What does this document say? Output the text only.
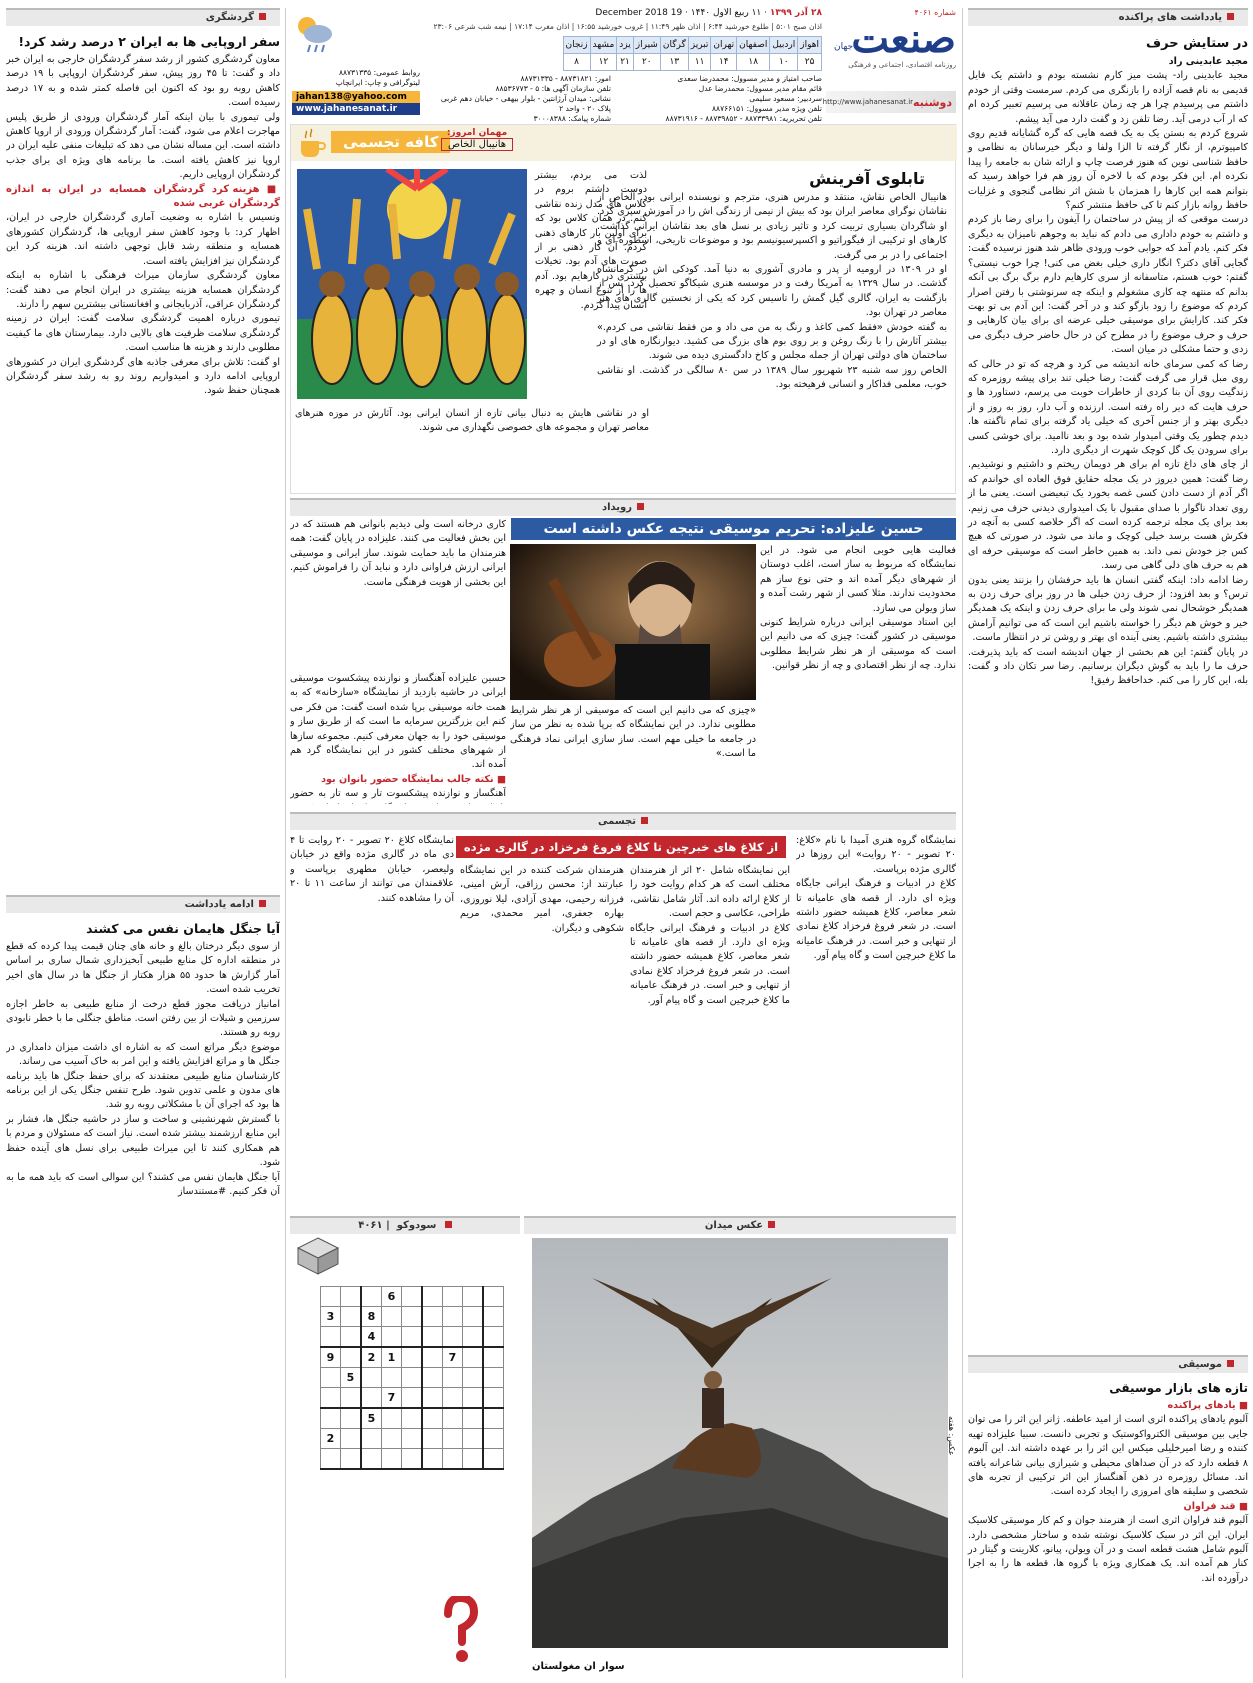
یادداشت های پراکنده
در ستایش حرف
مجید عابدینی راد

مجید عابدینی راد- پشت میز کارم نشسته بودم و داشتم یک فایل قدیمی به نام قصه آزاده را بازنگری می کردم. سرمست وقتی از خودم داشتم می پرسیدم چرا هر چه زمان عاقلانه می پرسیم تعبیر کرده ام که ار آب درمی آید. رضا تلفن زد و گفت دارد می آید پیشم.

شروع کردم به بستن یک به یک قصه هایی که گره گشایانه قدیم روی کامپیوترم، از نگار گرفته تا الزا ولفا و دیگر خیرسانان به نظامی و حافظ شناسی نوین که هنوز فرصت چاپ و ارائه شان به جامعه را پیدا نکرده ام. این فکر بودم که با لاخره آن روز هم فرا خواهد رسید که بتوانم همه این کارها را همزمان با شش اثر نظامی گنجوی و غزلیات حافظ روانه بازار کنم تا کی حافظ منتشر کنم؟

درست موقعی که از پیش در ساختمان را آیفون را برای رضا باز کردم و داشتم به خودم داداری می دادم که نباید به وجوهم نامیزان به دیگری فکر کنم. یادم آمد که جوابی خوب ورودی ظاهر شد هنوز نرسیده گفت: گجایی آقای دکتر؟ انگار داری خیلی بغض می کنی! چرا خوب نیستی؟ گفتم: خوب هستم، متاسفانه از سری کارهایم دارم برگ برگ بی آنکه بدانم که منتهه چه کاری مشغولم و اینکه چه سرنوشتی با رفتن اصرار کردم که موضوع را زود بازگو کند و در آخر گفت: این آدم بی تو بهت فکر کند. کارایش برای موسیقی خیلی عرضه ای برای بیان کارهایی و حرف و حرف موضوع را در مطرح کن در حال حاضر حرف دیگری می زدی و حتما مشکلی در میان است.

رضا که کمی سرمای خانه اندیشه می کرد و هرچه که تو در حالی که روی مبل قرار می گرفت گفت: رضا خیلی تند برای پیشه روزمره که زندگیت روی آن بنا کردی از خاطرات خوبت می پرسم، دستاورد ها و حرف هایت که دیر راه رفته است. ارزنده و آب دار، روز به روز و از دیگری بهتر و از جنس آخری که خیلی یاد گرفته برای تمام ناگفته ها. دیدم چطور یک وقتی امیدوار شده بود و بعد ناامید. برای خوشی کسی برای سرودن یک گل کوچک شهرت از دیگری دارد.

از چای های داغ تازه ام برای هر دویمان ریختم و داشتیم و نوشیدیم. رضا گفت: همین دیروز در یک مجله حقایق فوق العاده ای خواندم که اگر آدم از دست دادن کسی غصه بخورد یک تبعیضی است. یعنی ما از روی تعداد ناگوار با صدای مقبول با یک امیدواری دیدنی حرف می زنیم. بعد برای یک مجله ترجمه کرده است که اگر خلاصه کسی به آنچه در فکرش هست برسد خیلی کوچک و ماند می شود. در صورتی که هیچ کس جز خودش نمی داند. به همین خاطر است که موسیقی حرفه ای هم به حرف های دلی گاهی می رسد.

رضا ادامه داد: اینکه گفتی انسان ها باید حرفشان را بزنند یعنی بدون ترس؟ و بعد افزود: از حرف زدن خیلی ها در روز برای حرف زدن به همدیگر خوشحال نمی شوند ولی ما برای حرف زدن و اینکه یک همدیگر خیر و خوش هم دیگر را خواسته باشیم این است که می توانیم آرامش بیشتری داشته باشیم. یعنی آینده ای بهتر و روشن تر در انتظار ماست.

در پایان گفتم: این هم بخشی از جهان اندیشه است که باید پذیرفت. حرف ما را باید به گوش دیگران برسانیم. رضا سر تکان داد و گفت: بله، این کار را می کنم. خداحافظ رفیق!

موسیقی
تازه های بازار موسیقی
■ یادهای پراکنده

آلبوم یادهای پراکنده اثری است از امید عاطفه. ژانر این اثر را می توان جایی بین موسیقی الکترواکوستیک و تجربی دانست. سبیا علیزاده تهیه کننده و رضا امیرخلیلی میکس این اثر را بر عهده داشته اند. این آلبوم ۸ قطعه دارد که در آن صداهای محیطی و شیرازی بیانی شاعرانه یافته اند. مسائل روزمره در ذهن آهنگساز این اثر ترکیبی از تجربه های شخصی و سلیقه های امروزی را ایجاد کرده است.

■ قند فراوان

آلبوم قند فراوان اثری است از هنرمند جوان و کم کار موسیقی کلاسیک ایران. این اثر در سبک کلاسیک نوشته شده و ساختار مشخصی دارد. آلبوم شامل هشت قطعه است و در آن ویولن، پیانو، کلارینت و گیتار در کنار هم آمده اند. یک همکاری ویژه با گروه ها، قطعه ها را به اجرا درآورده اند.

شماره ۴۰۶۱
صنعت
جهان
روزنامه اقتصادی، اجتماعی و فرهنگی
دوشنبه
http://www.jahanesanat.ir
۲۸ آذر ۱۳۹۹ · ۱۱ ربیع الاول ۱۴۴۰ · 19 December 2018
اذان صبح ۵:۰۱ | طلوع خورشید ۶:۴۴ | اذان ظهر ۱۱:۴۹ | غروب خورشید ۱۶:۵۵ | اذان مغرب ۱۷:۱۴ | نیمه شب شرعی ۲۳:۰۶
اهواز	اردبیل	اصفهان	تهران	تبریز	گرگان	شیراز	یزد	مشهد	زنجان
۲۵	۱۰	۱۸	۱۴	۱۱	۱۳	۲۰	۲۱	۱۲	۸
صاحب امتیاز و مدیر مسوول: محمدرضا سعدی
قائم مقام مدیر مسوول: محمدرضا عدل
سردبیر: مسعود سلیمی
تلفن ویژه مدیر مسوول: ۸۸۷۶۶۱۵۱
تلفن تحریریه: ۸۸۷۳۳۹۸۱ - ۸۸۷۳۹۸۵۲ - ۸۸۷۳۱۹۱۶
امور: ۸۸۷۳۱۸۲۱ - ۸۸۷۳۱۳۳۵
تلفن سازمان آگهی ها: ۵ - ۸۸۵۳۶۷۷۳
نشانی: میدان آرژانتین - بلوار بیهقی - خیابان دهم غربی
پلاک ۲۰ - واحد ۲
شماره پیامک: ۳۰۰۰۸۳۸۸
روابط عمومی: ۸۸۷۳۱۳۳۵
لیتوگرافی و چاپ: ایرانچاپ
jahan138@yahoo.com
www.jahanesanat.ir
کافه تجسمی مهمان امروز:
هانیبال الخاص
تابلوی آفرینش

هانیبال الخاص نقاش، منتقد و مدرس هنری، مترجم و نویسنده ایرانی بود. الخاص از نقاشان نوگرای معاصر ایران بود که بیش از نیمی از زندگی اش را در آموزش سپری کرد. او شاگردان بسیاری تربیت کرد و تاثیر زیادی بر نسل های بعد نقاشان ایرانی گذاشت. کارهای او ترکیبی از فیگوراتیو و اکسپرسیونیسم بود و موضوعات تاریخی، اسطوره ای و اجتماعی را در بر می گرفت.

او در ۱۳۰۹ در ارومیه از پدر و مادری آشوری به دنیا آمد. کودکی اش در کرمانشاه گذشت. در سال ۱۳۲۹ به آمریکا رفت و در موسسه هنری شیکاگو تحصیل کرد. پس از بازگشت به ایران، گالری گیل گمش را تاسیس کرد که یکی از نخستین گالری های هنر معاصر در تهران بود.

به گفته خودش «فقط کمی کاغذ و رنگ به من می داد و من فقط نقاشی می کردم.» بیشتر آثارش را با رنگ روغن و بر روی بوم های بزرگ می کشید. دیوارنگاره های او در ساختمان های دولتی تهران از جمله مجلس و کاخ دادگستری دیده می شوند.

الخاص روز سه شنبه ۲۳ شهریور سال ۱۳۸۹ در سن ۸۰ سالگی در گذشت. او نقاشی خوب، معلمی فداکار و انسانی فرهیخته بود.

لذت می بردم، بیشتر دوست داشتم بروم در کلاس های مدل زنده نقاشی کنم. در همان کلاس بود که برای اولین بار کارهای ذهنی کردم. آن کار ذهنی بر از صورت های آدم بود. تخیلات بیشتری در کارهایم بود. آدم ها را از تنوع انسان و چهره انسان پیدا کردم.

او در نقاشی هایش به دنبال بیانی تازه از انسان ایرانی بود. آثارش در موزه هنرهای معاصر تهران و مجموعه های خصوصی نگهداری می شوند.

رویداد
حسین علیزاده: تحریم موسیقی نتیجه عکس داشته است

فعالیت هایی خوبی انجام می شود. در این نمایشگاه که مربوط به ساز است، اغلب دوستان از شهرهای دیگر آمده اند و حتی نوع ساز هم محدودیت ندارند. مثلا کسی از شهر رشت آمده و ساز ویولن می سازد.

این استاد موسیقی ایرانی درباره شرایط کنونی موسیقی در کشور گفت: چیزی که می دانیم این است که موسیقی از هر نظر شرایط مطلوبی ندارد. چه از نظر اقتصادی و چه از نظر قوانین.

«چیزی که می دانیم این است که موسیقی از هر نظر شرایط مطلوبی ندارد. در این نمایشگاه که برپا شده به نظر من ساز در جامعه ما خیلی مهم است. ساز سازی ایرانی نماد فرهنگی ما است.»

کاری درخانه است ولی دیدیم بانوانی هم هستند که در این بخش فعالیت می کنند. علیزاده در پایان گفت: همه هنرمندان ما باید حمایت شوند. ساز ایرانی و موسیقی ایرانی ارزش فراوانی دارد و نباید آن را فراموش کنیم. این بخشی از هویت فرهنگی ماست.

حسین علیزاده آهنگساز و نوازنده پیشکسوت موسیقی ایرانی در حاشیه بازدید از نمایشگاه «سازخانه» که به همت خانه موسیقی برپا شده است گفت: من فکر می کنم این بزرگترین سرمایه ما است که از طریق ساز و موسیقی خود را به جهان معرفی کنیم. مجموعه سازها از شهرهای مختلف کشور در این نمایشگاه گرد هم آمده اند.

■ نکته جالب نمایشگاه حضور بانوان بود

آهنگساز و نوازنده پیشکسوت تار و سه تار به حضور

تجسمی
از کلاغ های خبرچین تا کلاغ فروغ فرخزاد در گالری مژده	نمایشگاه گروه هنری آمیدا با نام «کلاغ: ۲۰ تصویر - ۲۰ روایت» این روزها در گالری مژده برپاست.

کلاغ در ادبیات و فرهنگ ایرانی جایگاه ویژه ای دارد. از قصه های عامیانه تا شعر معاصر، کلاغ همیشه حضور داشته است. در شعر فروغ فرخزاد کلاغ نمادی از تنهایی و خبر است. در فرهنگ عامیانه ما کلاغ خبرچین است و گاه پیام آور.

این نمایشگاه شامل ۲۰ اثر از هنرمندان مختلف است که هر کدام روایت خود را از کلاغ ارائه داده اند. آثار شامل نقاشی، طراحی، عکاسی و حجم است.

کلاغ در ادبیات و فرهنگ ایرانی جایگاه ویژه ای دارد. از قصه های عامیانه تا شعر معاصر، کلاغ همیشه حضور داشته است. در شعر فروغ فرخزاد کلاغ نمادی از تنهایی و خبر است. در فرهنگ عامیانه ما کلاغ خبرچین است و گاه پیام آور.

هنرمندان شرکت کننده در این نمایشگاه عبارتند از: محسن رزاقی، آرش امینی، فرزانه رحیمی، مهدی آزادی، لیلا نوروزی، بهاره جعفری، امیر محمدی، مریم شکوهی و دیگران.

نمایشگاه کلاغ ۲۰ تصویر - ۲۰ روایت تا ۴ دی ماه در گالری مژده واقع در خیابان ولیعصر، خیابان مطهری برپاست و علاقمندان می توانند از ساعت ۱۱ تا ۲۰ آن را مشاهده کنند.

سودوکو  | ۴۰۶۱
			6					
3		8						
		4						
9		2	1			7		
	5							
			7					
		5						
2								

عکس میدان
سوار ان مغولستان
عکس: هفته
گردشگری
سفر اروپایی ها به ایران ۲ درصد رشد کرد!

معاون گردشگری کشور از رشد سفر گردشگران خارجی به ایران خبر داد و گفت: تا ۴۵ روز پیش، سفر گردشگران اروپایی با ۱۹ درصد کاهش روبه رو بود که اکنون این فاصله کمتر شده و به ۱۷ درصد رسیده است.

ولی تیموری با بیان اینکه آمار گردشگران ورودی از طریق پلیس مهاجرت اعلام می شود، گفت: آمار گردشگران ورودی از اروپا کاهش داشته است. این مساله نشان می دهد که تبلیغات منفی علیه ایران در اروپا نیز کاهش یافته است. ما برنامه های ویژه ای برای جذب گردشگران اروپایی داریم.

■ هزینه کرد گردشگران همسایه در ایران به اندازه گردشگران غربی شده

ونسیس با اشاره به وضعیت آماری گردشگران خارجی در ایران، اظهار کرد: با وجود کاهش سفر اروپایی ها، گردشگران کشورهای همسایه و منطقه رشد قابل توجهی داشته اند. هزینه کرد این گردشگران نیز افزایش یافته است.

معاون گردشگری سازمان میراث فرهنگی با اشاره به اینکه گردشگران همسایه هزینه بیشتری در ایران انجام می دهند گفت: گردشگران عراقی، آذربایجانی و افغانستانی بیشترین سهم را دارند.

تیموری درباره اهمیت گردشگری سلامت گفت: ایران در زمینه گردشگری سلامت ظرفیت های بالایی دارد. بیمارستان های ما کیفیت مطلوبی دارند و هزینه ها مناسب است.

او گفت: تلاش برای معرفی جاذبه های گردشگری ایران در کشورهای اروپایی ادامه دارد و امیدواریم روند رو به رشد سفر گردشگران همچنان حفظ شود.

ادامه یادداشت
آیا جنگل هایمان نفس می کشند

از سوی دیگر درختان بالغ و خانه های چنان قیمت پیدا کرده که قطع در منطقه اداره کل منابع طبیعی آبخیزداری شمال ساری بر اساس آمار گزارش ها حدود ۵۵ هزار هکتار از جنگل ها در سال های اخیر تخریب شده است.

امانیاز دریافت مجوز قطع درخت از منابع طبیعی به خاطر اجازه سرزمین و شیلات از بین رفتن است. مناطق جنگلی ما با خطر نابودی روبه رو هستند.

موضوع دیگر مراتع است که به اشاره ای داشت میزان دامداری در جنگل ها و مراتع افزایش یافته و این امر به خاک آسیب می رساند.

کارشناسان منابع طبیعی معتقدند که برای حفظ جنگل ها باید برنامه های مدون و علمی تدوین شود. طرح تنفس جنگل یکی از این برنامه ها بود که اجرای آن با مشکلاتی روبه رو شد.

با گسترش شهرنشینی و ساخت و ساز در حاشیه جنگل ها، فشار بر این منابع ارزشمند بیشتر شده است. نیاز است که مسئولان و مردم با هم همکاری کنند تا این میراث طبیعی برای نسل های آینده حفظ شود.

آیا جنگل هایمان نفس می کشند؟ این سوالی است که باید همه ما به آن فکر کنیم. #مستندساز
